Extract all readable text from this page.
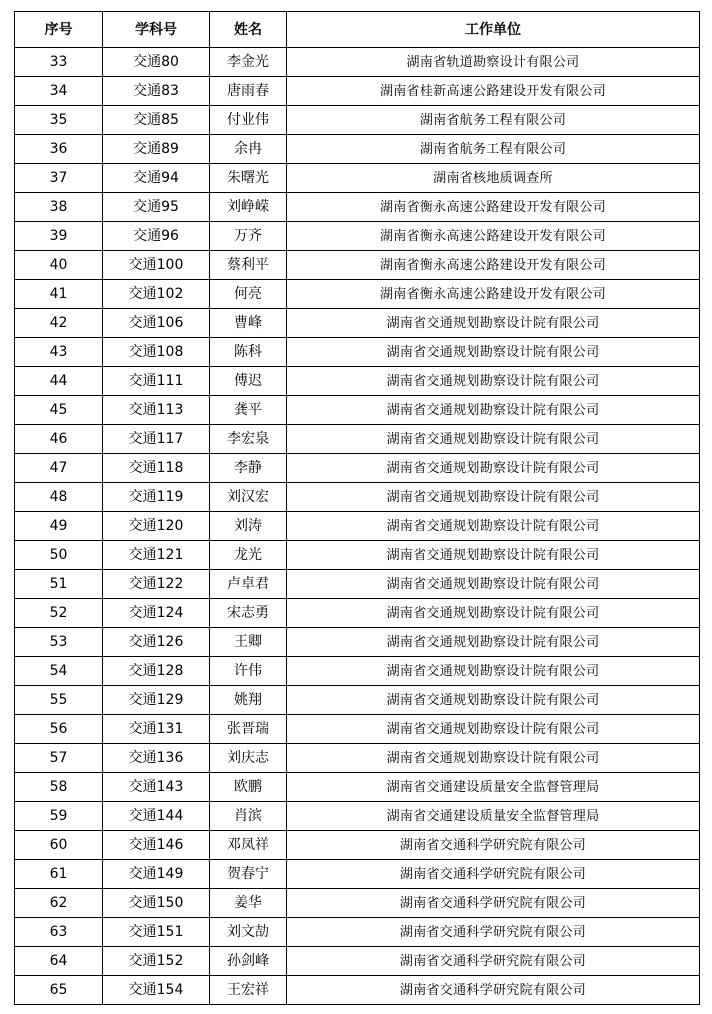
序号	学科号	姓名	工作单位
33	交通80	李金光	湖南省轨道勘察设计有限公司
34	交通83	唐雨春	湖南省桂新高速公路建设开发有限公司
35	交通85	付业伟	湖南省航务工程有限公司
36	交通89	余冉	湖南省航务工程有限公司
37	交通94	朱曙光	湖南省核地质调查所
38	交通95	刘峥嵘	湖南省衡永高速公路建设开发有限公司
39	交通96	万齐	湖南省衡永高速公路建设开发有限公司
40	交通100	蔡利平	湖南省衡永高速公路建设开发有限公司
41	交通102	何亮	湖南省衡永高速公路建设开发有限公司
42	交通106	曹峰	湖南省交通规划勘察设计院有限公司
43	交通108	陈科	湖南省交通规划勘察设计院有限公司
44	交通111	傅迟	湖南省交通规划勘察设计院有限公司
45	交通113	龚平	湖南省交通规划勘察设计院有限公司
46	交通117	李宏泉	湖南省交通规划勘察设计院有限公司
47	交通118	李静	湖南省交通规划勘察设计院有限公司
48	交通119	刘汉宏	湖南省交通规划勘察设计院有限公司
49	交通120	刘涛	湖南省交通规划勘察设计院有限公司
50	交通121	龙光	湖南省交通规划勘察设计院有限公司
51	交通122	卢卓君	湖南省交通规划勘察设计院有限公司
52	交通124	宋志勇	湖南省交通规划勘察设计院有限公司
53	交通126	王卿	湖南省交通规划勘察设计院有限公司
54	交通128	许伟	湖南省交通规划勘察设计院有限公司
55	交通129	姚翔	湖南省交通规划勘察设计院有限公司
56	交通131	张晋瑞	湖南省交通规划勘察设计院有限公司
57	交通136	刘庆志	湖南省交通规划勘察设计院有限公司
58	交通143	欧鹏	湖南省交通建设质量安全监督管理局
59	交通144	肖滨	湖南省交通建设质量安全监督管理局
60	交通146	邓凤祥	湖南省交通科学研究院有限公司
61	交通149	贺春宁	湖南省交通科学研究院有限公司
62	交通150	姜华	湖南省交通科学研究院有限公司
63	交通151	刘文劼	湖南省交通科学研究院有限公司
64	交通152	孙剑峰	湖南省交通科学研究院有限公司
65	交通154	王宏祥	湖南省交通科学研究院有限公司
